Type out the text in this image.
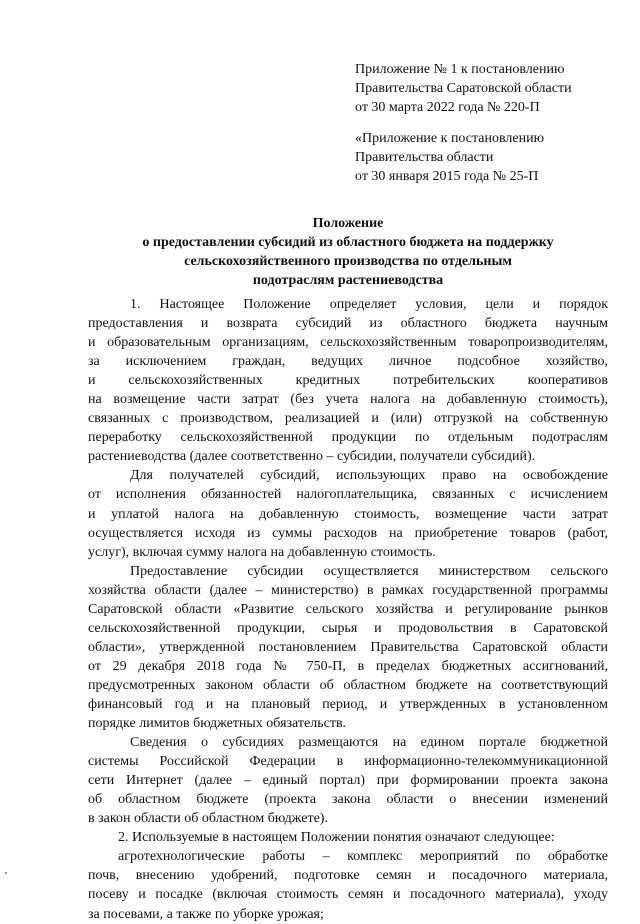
Приложение № 1 к постановлению
Правительства Саратовской области
от 30 марта 2022 года № 220-П
«Приложение к постановлению
Правительства области
от 30 января 2015 года № 25-П
Положение
о предоставлении субсидий из областного бюджета на поддержку
сельскохозяйственного производства по отдельным
подотраслям растениеводства
1. Настоящее Положение определяет условия, цели и порядок
предоставления и возврата субсидий из областного бюджета научным
и образовательным организациям, сельскохозяйственным товаропроизводителям,
за исключением граждан, ведущих личное подсобное хозяйство,
и сельскохозяйственных кредитных потребительских кооперативов
на возмещение части затрат (без учета налога на добавленную стоимость),
связанных с производством, реализацией и (или) отгрузкой на собственную
переработку сельскохозяйственной продукции по отдельным подотраслям
растениеводства (далее соответственно – субсидии, получатели субсидий).
Для получателей субсидий, использующих право на освобождение
от исполнения обязанностей налогоплательщика, связанных с исчислением
и уплатой налога на добавленную стоимость, возмещение части затрат
осуществляется исходя из суммы расходов на приобретение товаров (работ,
услуг), включая сумму налога на добавленную стоимость.
Предоставление субсидии осуществляется министерством сельского
хозяйства области (далее – министерство) в рамках государственной программы
Саратовской области «Развитие сельского хозяйства и регулирование рынков
сельскохозяйственной продукции, сырья и продовольствия в Саратовской
области», утвержденной постановлением Правительства Саратовской области
от 29 декабря 2018 года № 750-П, в пределах бюджетных ассигнований,
предусмотренных законом области об областном бюджете на соответствующий
финансовый год и на плановый период, и утвержденных в установленном
порядке лимитов бюджетных обязательств.
Сведения о субсидиях размещаются на едином портале бюджетной
системы Российской Федерации в информационно-телекоммуникационной
сети Интернет (далее – единый портал) при формировании проекта закона
об областном бюджете (проекта закона области о внесении изменений
в закон области об областном бюджете).
2. Используемые в настоящем Положении понятия означают следующее:
агротехнологические работы – комплекс мероприятий по обработке
почв, внесению удобрений, подготовке семян и посадочного материала,
посеву и посадке (включая стоимость семян и посадочного материала), уходу
за посевами, а также по уборке урожая;
